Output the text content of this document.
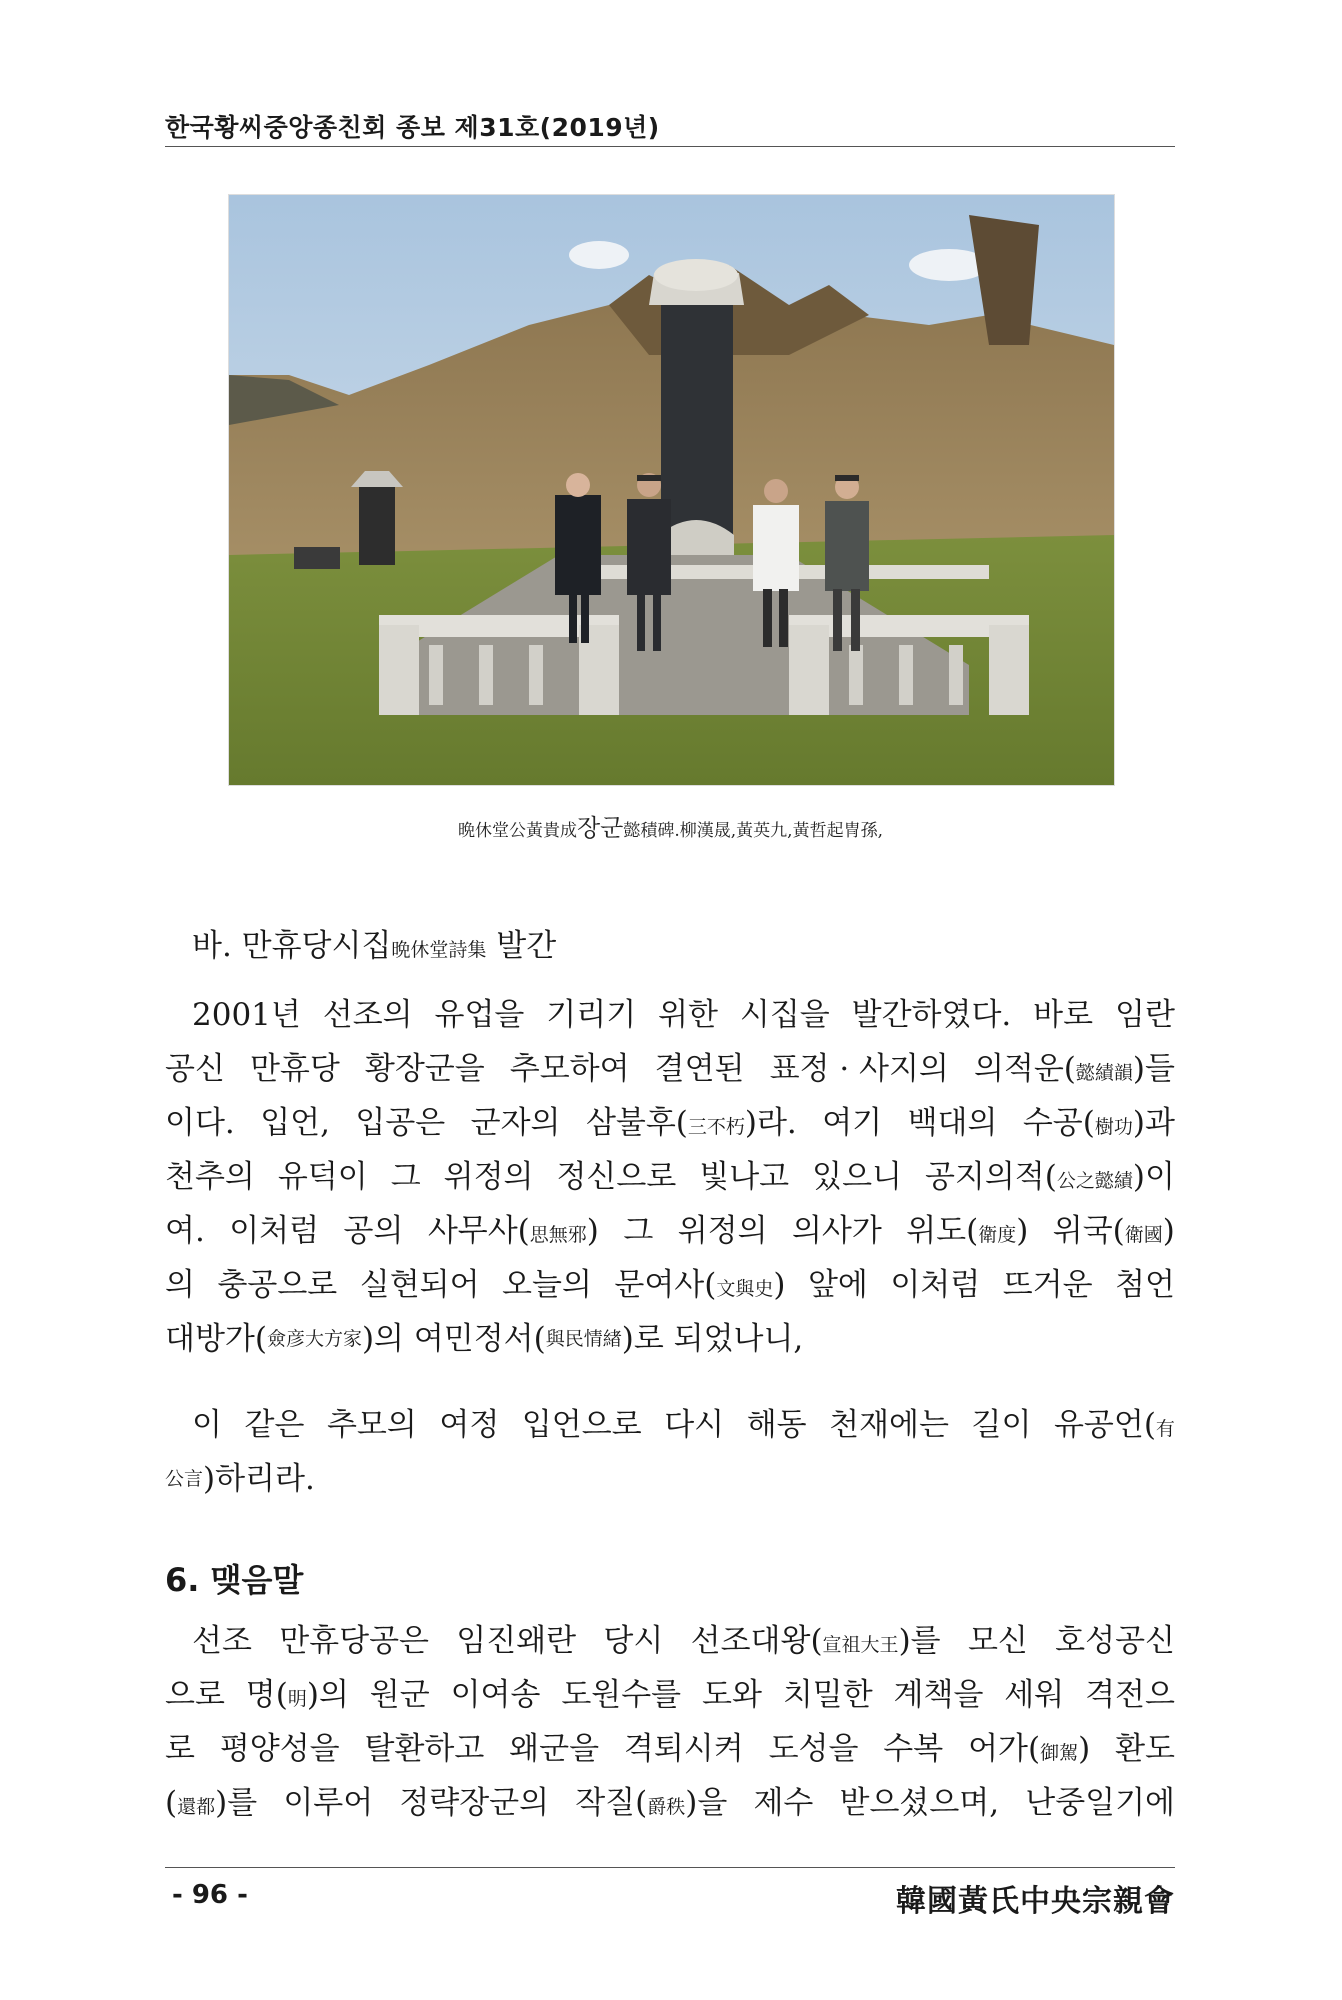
한국황씨중앙종친회 종보 제31호(2019년)
晩休堂公黃貴成장군懿積碑.柳漢晟,黃英九,黃哲起冑孫,
바. 만휴당시집晩休堂詩集 발간
2001년 선조의 유업을 기리기 위한 시집을 발간하였다. 바로 임란
공신 만휴당 황장군을 추모하여 결연된 표정 · 사지의 의적운(懿績韻)들
이다. 입언, 입공은 군자의 삼불후(三不朽)라. 여기 백대의 수공(樹功)과
천추의 유덕이 그 위정의 정신으로 빛나고 있으니 공지의적(公之懿績)이
여. 이처럼 공의 사무사(思無邪) 그 위정의 의사가 위도(衛度) 위국(衛國)
의 충공으로 실현되어 오늘의 문여사(文與史) 앞에 이처럼 뜨거운 첨언
대방가( 僉彦大方家 )의 여민정서( 與民情緖 )로 되었나니,
이 같은 추모의 여정 입언으로 다시 해동 천재에는 길이 유공언(有
公言 )하리라.
6. 맺음말
선조 만휴당공은 임진왜란 당시 선조대왕(宣祖大王)를 모신 호성공신
으로 명(明)의 원군 이여송 도원수를 도와 치밀한 계책을 세워 격전으
로 평양성을 탈환하고 왜군을 격퇴시켜 도성을 수복 어가(御駕) 환도
(還都)를 이루어 정략장군의 작질(爵秩)을 제수 받으셨으며, 난중일기에
- 96 -	韓國黃氏中央宗親會
